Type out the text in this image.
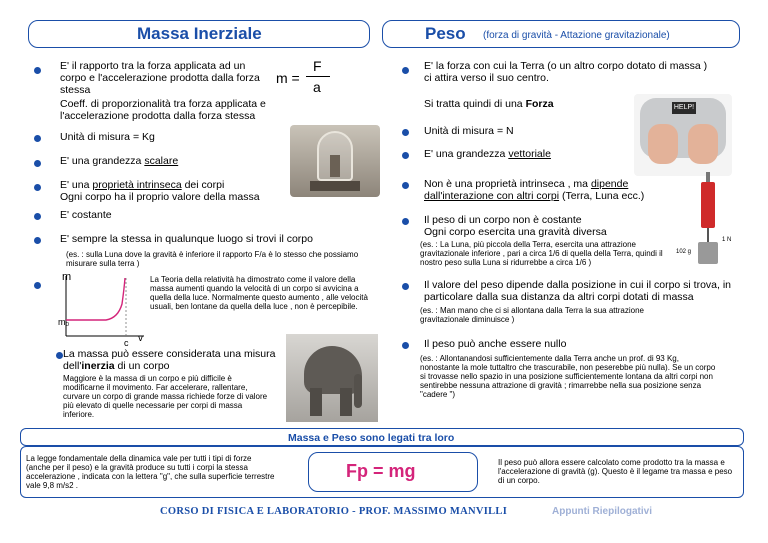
Massa Inerziale	Peso (forza di gravità - Attazione gravitazionale)
E' il rapporto tra la forza applicata ad un corpo e l'accelerazione prodotta dalla forza stessa
m =
F
a
Coeff. di proporzionalità tra forza applicata e l'accelerazione prodotta dalla forza stessa
Unità di misura = Kg
E' una grandezza scalare
E' una proprietà intrinseca dei corpi
Ogni corpo ha il proprio valore della massa
E' costante
E' sempre la stessa in qualunque luogo si trovi il corpo
(es. : sulla Luna dove la gravità è inferiore il rapporto F/a è lo stesso che possiamo misurare sulla terra )
m
m₀
c v
La Teoria della relatività ha dimostrato come il valore della massa aumenti quando la velocità di un corpo si avvicina a quella della luce. Normalmente questo aumento , alle velocità usuali, ben lontane da quella della luce , non è percepibile.
La massa può essere considerata una misura dell'inerzia di un corpo
Maggiore è la massa di un corpo e più difficile è modificarne il movimento. Far accelerare, rallentare, curvare un corpo di grande massa richiede forze di valore più elevato di quelle necessarie per corpi di massa inferiore.
E' la forza con cui la Terra (o un altro corpo dotato di massa ) ci attira verso il suo centro.
Si tratta quindi di una Forza	HELP!
Unità di misura = N
E' una grandezza vettoriale
Non è una proprietà intrinseca , ma dipende dall'interazione con altri corpi (Terra, Luna ecc.)
1 N
102 g
Il peso di un corpo non è costante
Ogni corpo esercita una gravità diversa
(es. : La Luna, più piccola della Terra, esercita una attrazione gravitazionale inferiore , pari a circa 1/6 di quella della Terra, quindi il nostro peso sulla Luna si ridurrebbe a circa 1/6 )
Il valore del peso dipende dalla posizione in cui il corpo si trova, in particolare dalla sua distanza da altri corpi dotati di massa
(es. : Man mano che ci si allontana dalla Terra la sua attrazione gravitazionale diminuisce )
Il peso può anche essere nullo
(es. : Allontanandosi sufficientemente dalla Terra anche un prof. di 93 Kg, nonostante la mole tuttaltro che trascurabile, non peserebbe più nulla). Se un corpo si trovasse nello spazio in una posizione sufficientemente lontana da altri corpi non sentirebbe nessuna attrazione di gravità ; rimarrebbe nella sua posizione senza "cadere ")
Massa e Peso sono legati tra loro
La legge fondamentale della dinamica vale per tutti i tipi di forze (anche per il peso) e la gravità produce su tutti i corpi la stessa accelerazione , indicata con la lettera "g", che sulla superficie terrestre vale 9,8 m/s2 .
Fp = mg	Il peso può allora essere calcolato come prodotto tra la massa e l'accelerazione di gravità (g). Questo è il legame tra massa e peso di un corpo.
CORSO DI FISICA E LABORATORIO - PROF. MASSIMO MANVILLI	Appunti Riepilogativi
